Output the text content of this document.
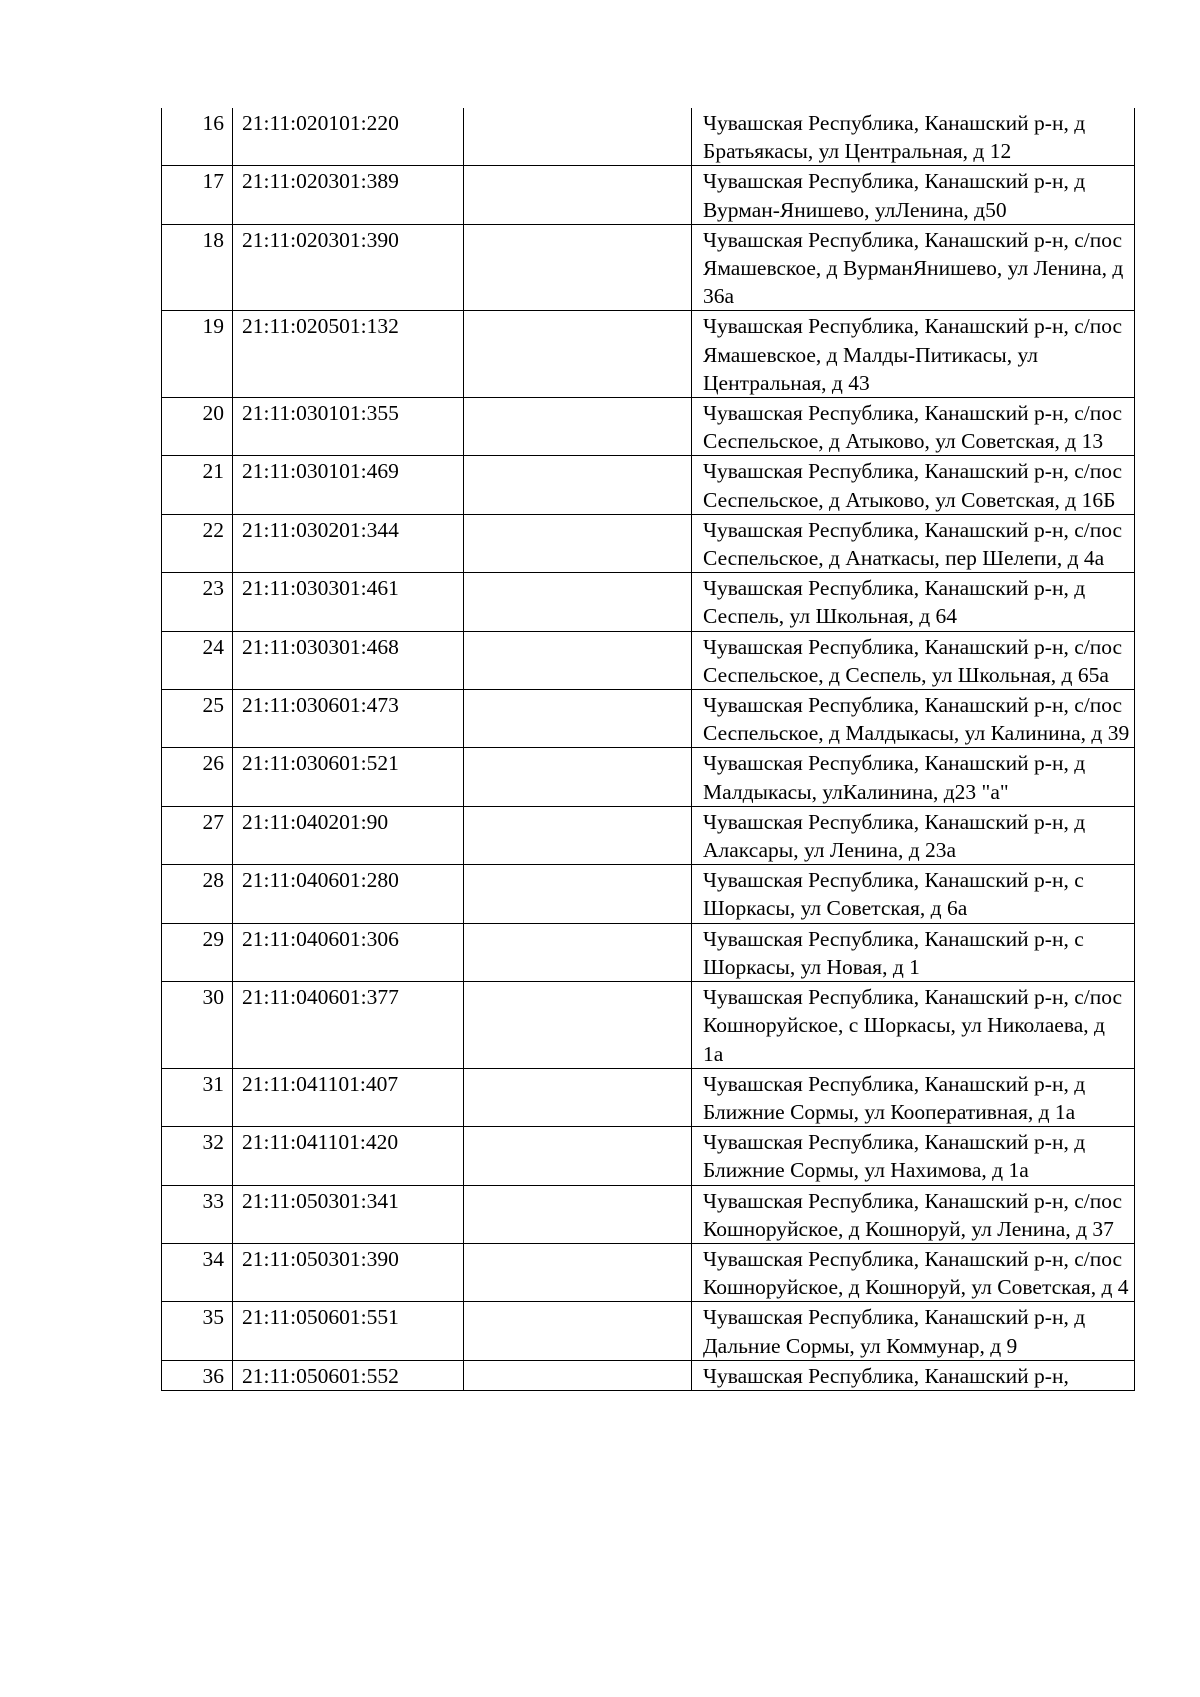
16	21:11:020101:220		Чувашская Республика, Канашский р-н, д Братьякасы, ул Центральная, д 12
17	21:11:020301:389		Чувашская Республика, Канашский р-н, д Вурман-Янишево, улЛенина, д50
18	21:11:020301:390		Чувашская Республика, Канашский р-н, с/пос Ямашевское, д ВурманЯнишево, ул Ленина, д 36а
19	21:11:020501:132		Чувашская Республика, Канашский р-н, с/пос Ямашевское, д Малды-Питикасы, ул Центральная, д 43
20	21:11:030101:355		Чувашская Республика, Канашский р-н, с/пос Сеспельское, д Атыково, ул Советская, д 13
21	21:11:030101:469		Чувашская Республика, Канашский р-н, с/пос Сеспельское, д Атыково, ул Советская, д 16Б
22	21:11:030201:344		Чувашская Республика, Канашский р-н, с/пос Сеспельское, д Анаткасы, пер Шелепи, д 4а
23	21:11:030301:461		Чувашская Республика, Канашский р-н, д Сеспель, ул Школьная, д 64
24	21:11:030301:468		Чувашская Республика, Канашский р-н, с/пос Сеспельское, д Сеспель, ул Школьная, д 65а
25	21:11:030601:473		Чувашская Республика, Канашский р-н, с/пос Сеспельское, д Малдыкасы, ул Калинина, д 39
26	21:11:030601:521		Чувашская Республика, Канашский р-н, д Малдыкасы, улКалинина, д23 "а"
27	21:11:040201:90		Чувашская Республика, Канашский р-н, д Алаксары, ул Ленина, д 23а
28	21:11:040601:280		Чувашская Республика, Канашский р-н, с Шоркасы, ул Советская, д 6а
29	21:11:040601:306		Чувашская Республика, Канашский р-н, с Шоркасы, ул Новая, д 1
30	21:11:040601:377		Чувашская Республика, Канашский р-н, с/пос Кошноруйское, с Шоркасы, ул Николаева, д 1а
31	21:11:041101:407		Чувашская Республика, Канашский р-н, д Ближние Сормы, ул Кооперативная, д 1а
32	21:11:041101:420		Чувашская Республика, Канашский р-н, д Ближние Сормы, ул Нахимова, д 1а
33	21:11:050301:341		Чувашская Республика, Канашский р-н, с/пос Кошноруйское, д Кошноруй, ул Ленина, д 37
34	21:11:050301:390		Чувашская Республика, Канашский р-н, с/пос Кошноруйское, д Кошноруй, ул Советская, д 4
35	21:11:050601:551		Чувашская Республика, Канашский р-н, д Дальние Сормы, ул Коммунар, д 9
36	21:11:050601:552		Чувашская Республика, Канашский р-н,
